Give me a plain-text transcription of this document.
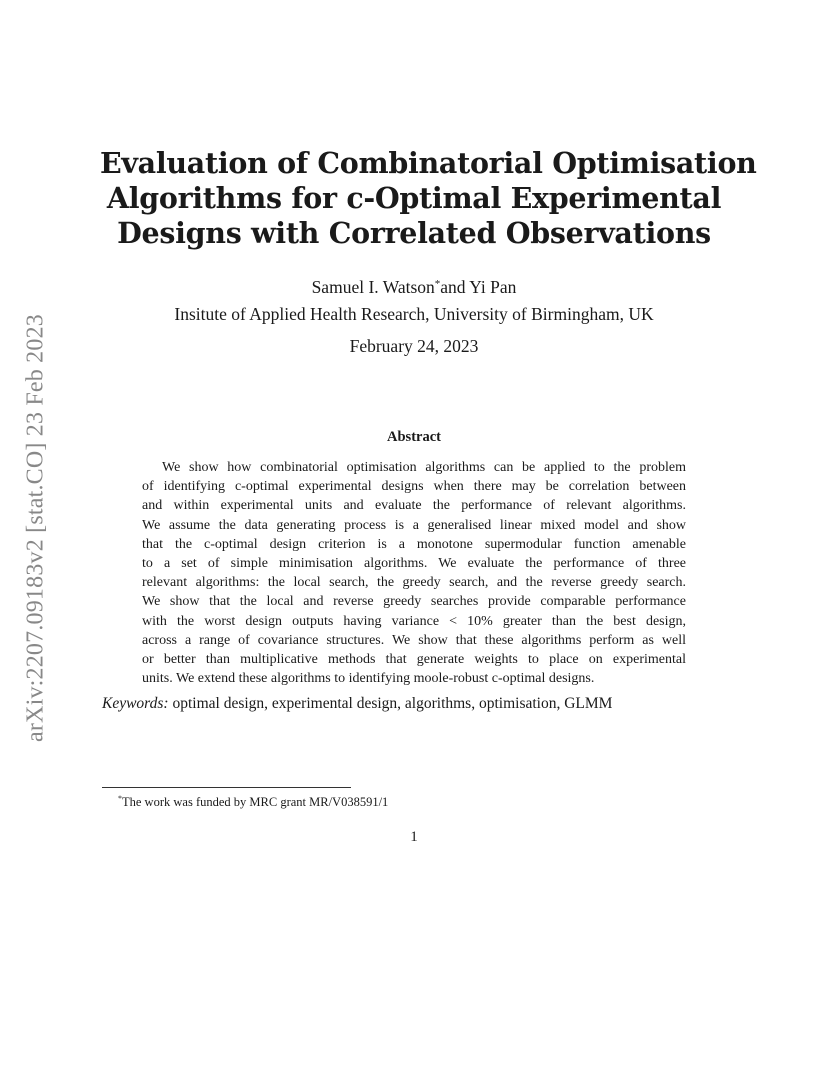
arXiv:2207.09183v2 [stat.CO] 23 Feb 2023
Evaluation of Combinatorial Optimisation
Algorithms for c-Optimal Experimental
Designs with Correlated Observations
Samuel I. Watson*and Yi Pan
Insitute of Applied Health Research, University of Birmingham, UK
February 24, 2023
Abstract
We show how combinatorial optimisation algorithms can be applied to the problem
of identifying c-optimal experimental designs when there may be correlation between
and within experimental units and evaluate the performance of relevant algorithms.
We assume the data generating process is a generalised linear mixed model and show
that the c-optimal design criterion is a monotone supermodular function amenable
to a set of simple minimisation algorithms. We evaluate the performance of three
relevant algorithms: the local search, the greedy search, and the reverse greedy search.
We show that the local and reverse greedy searches provide comparable performance
with the worst design outputs having variance < 10% greater than the best design,
across a range of covariance structures. We show that these algorithms perform as well
or better than multiplicative methods that generate weights to place on experimental
units. We extend these algorithms to identifying moole-robust c-optimal designs.
Keywords: optimal design, experimental design, algorithms, optimisation, GLMM
*The work was funded by MRC grant MR/V038591/1
1
